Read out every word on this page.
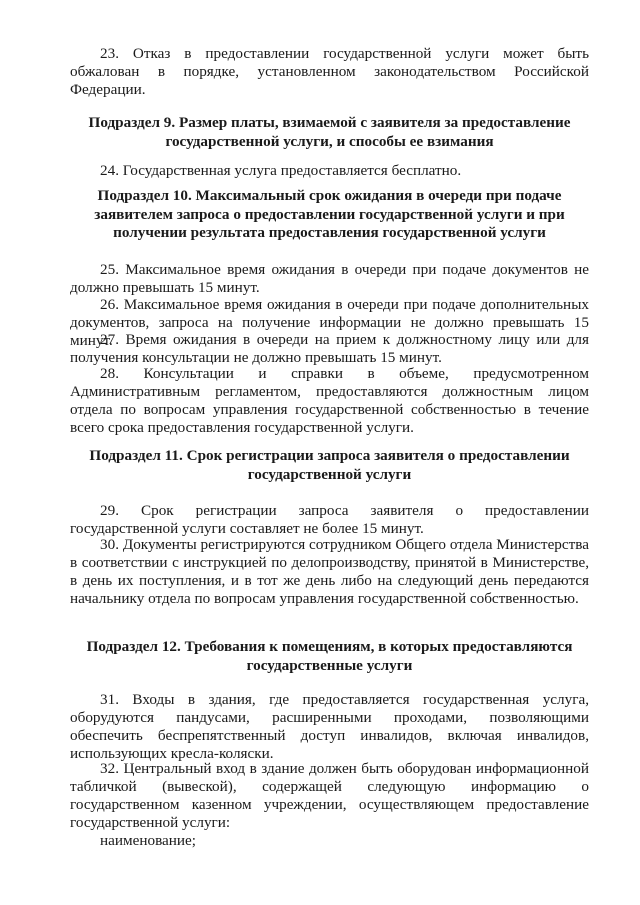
23. Отказ в предоставлении государственной услуги может быть

обжалован в порядке, установленном законодательством Российской Федерации.

Подраздел 9. Размер платы, взимаемой с заявителя за предоставление государственной услуги, и способы ее взимания

24. Государственная услуга предоставляется бесплатно.

Подраздел 10. Максимальный срок ожидания в очереди при подаче заявителем запроса о предоставлении государственной услуги и при получении результата предоставления государственной услуги

25. Максимальное время ожидания в очереди при подаче документов не должно превышать 15 минут.

26. Максимальное время ожидания в очереди при подаче дополнительных документов, запроса на получение информации не должно превышать 15 минут.

27. Время ожидания в очереди на прием к должностному лицу или для получения консультации не должно превышать 15 минут.

28. Консультации и справки в объеме, предусмотренном Административным регламентом, предоставляются должностным лицом отдела по вопросам управления государственной собственностью в течение всего срока предоставления государственной услуги.

Подраздел 11. Срок регистрации запроса заявителя о предоставлении государственной услуги

29. Срок регистрации запроса заявителя о предоставлении государственной услуги составляет не более 15 минут.

30. Документы регистрируются сотрудником Общего отдела Министерства в соответствии с инструкцией по делопроизводству, принятой в Министерстве, в день их поступления, и в тот же день либо на следующий день передаются начальнику отдела по вопросам управления государственной собственностью.

Подраздел 12. Требования к помещениям, в которых предоставляются государственные услуги

31. Входы в здания, где предоставляется государственная услуга, оборудуются пандусами, расширенными проходами, позволяющими обеспечить беспрепятственный доступ инвалидов, включая инвалидов, использующих кресла-коляски.

32. Центральный вход в здание должен быть оборудован информационной табличкой (вывеской), содержащей следующую информацию о государственном казенном учреждении, осуществляющем предоставление государственной услуги:

наименование;
